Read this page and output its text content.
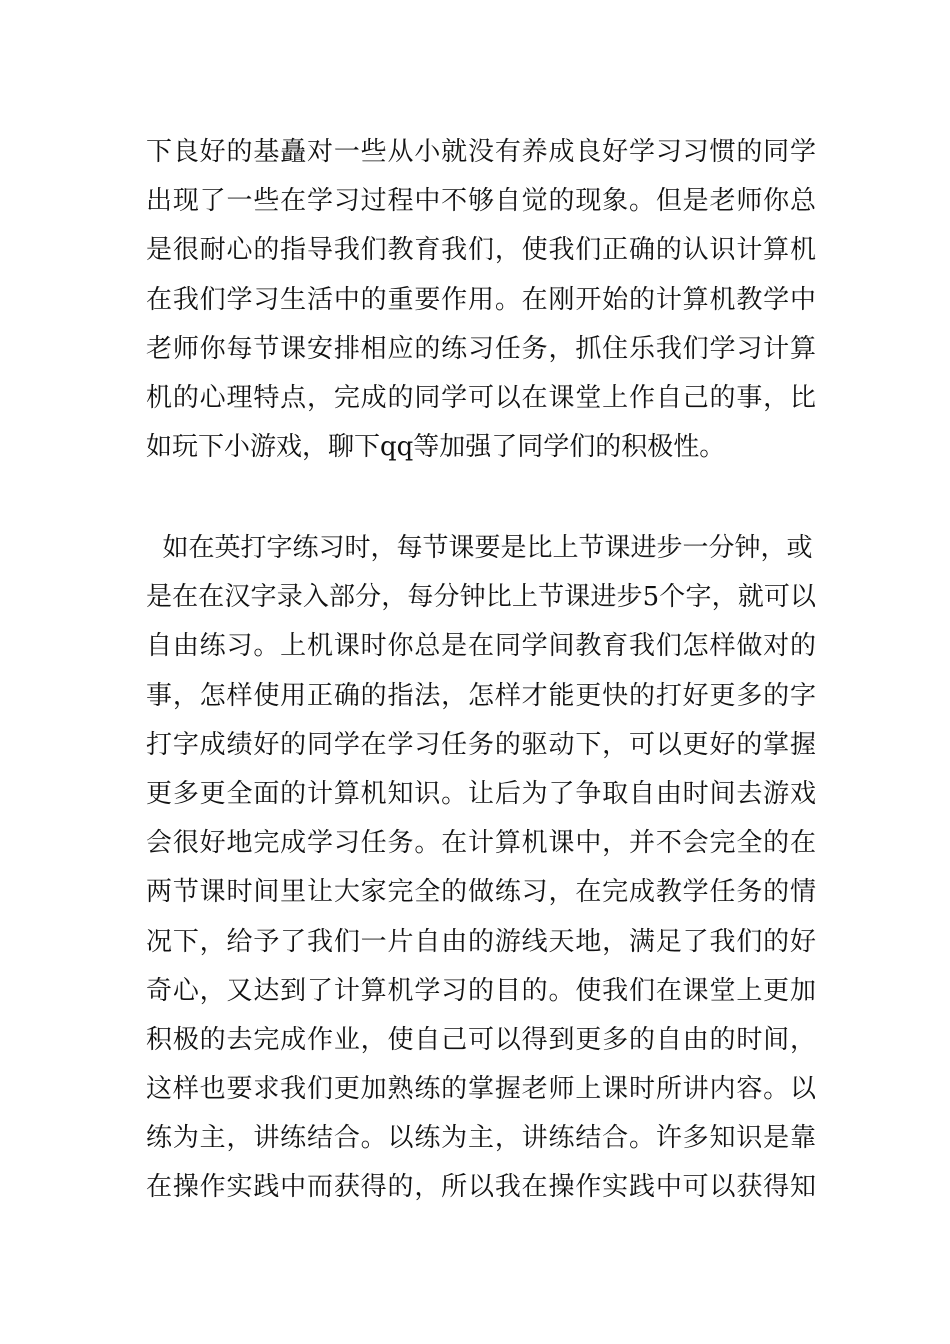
下良好的基矗对一些从小就没有养成良好学习习惯的同学
出现了一些在学习过程中不够自觉的现象。但是老师你总
是很耐心的指导我们教育我们，使我们正确的认识计算机
在我们学习生活中的重要作用。在刚开始的计算机教学中
老师你每节课安排相应的练习任务，抓住乐我们学习计算
机的心理特点，完成的同学可以在课堂上作自己的事，比
如玩下小游戏，聊下qq等加强了同学们的积极性。
如在英打字练习时，每节课要是比上节课进步一分钟，或
是在在汉字录入部分，每分钟比上节课进步5个字，就可以
自由练习。上机课时你总是在同学间教育我们怎样做对的
事，怎样使用正确的指法，怎样才能更快的打好更多的字
打字成绩好的同学在学习任务的驱动下，可以更好的掌握
更多更全面的计算机知识。让后为了争取自由时间去游戏
会很好地完成学习任务。在计算机课中，并不会完全的在
两节课时间里让大家完全的做练习，在完成教学任务的情
况下，给予了我们一片自由的游线天地，满足了我们的好
奇心，又达到了计算机学习的目的。使我们在课堂上更加
积极的去完成作业，使自己可以得到更多的自由的时间，
这样也要求我们更加熟练的掌握老师上课时所讲内容。以
练为主，讲练结合。以练为主，讲练结合。许多知识是靠
在操作实践中而获得的，所以我在操作实践中可以获得知
